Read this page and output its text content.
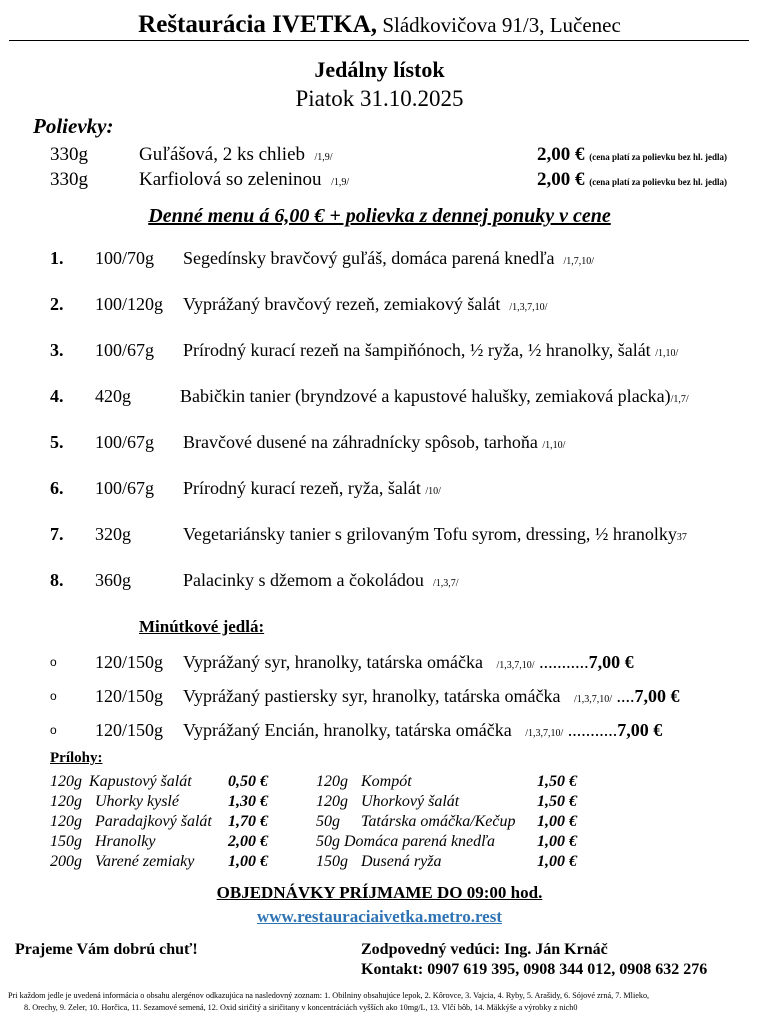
Reštaurácia IVETKA, Sládkovičova 91/3, Lučenec
Jedálny lístok
Piatok 31.10.2025
Polievky:
330g	Guľášová, 2 ks chlieb /1,9/	2,00 € (cena platí za polievku bez hl. jedla)
330g	Karfiolová so zeleninou /1,9/	2,00 € (cena platí za polievku bez hl. jedla)
Denné menu á 6,00 € + polievka z dennej ponuky v cene
1. 100/70g Segedínsky bravčový guľáš, domáca parená knedľa /1,7,10/
2. 100/120g Vyprážaný bravčový rezeň, zemiakový šalát /1,3,7,10/
3. 100/67g Prírodný kurací rezeň na šampiňónoch, ½ ryža, ½ hranolky, šalát /1,10/
4. 420g	Babičkin tanier (bryndzové a kapustové halušky, zemiaková placka)/1,7/
5. 100/67g Bravčové dusené na záhradnícky spôsob, tarhoňa /1,10/
6. 100/67g Prírodný kurací rezeň, ryža, šalát /10/
7. 320g	Vegetariánsky tanier s grilovaným Tofu syrom, dressing, ½ hranolky37
8. 360g	Palacinky s džemom a čokoládou /1,3,7/
Minútkové jedlá:
o 120/150g Vyprážaný syr, hranolky, tatárska omáčka /1,3,7,10/ ...........7,00 €
o 120/150g Vyprážaný pastiersky syr, hranolky, tatárska omáčka /1,3,7,10/ ....7,00 €
o 120/150g Vyprážaný Encián, hranolky, tatárska omáčka /1,3,7,10/ ...........7,00 €
Prílohy:
120g Kapustový šalát 0,50 €
120g Uhorky kyslé	1,30 €
120g Paradajkový šalát 1,70 €
150g Hranolky	2,00 €
200g Varené zemiaky 1,00 €
120g Kompót	1,50 €
120g Uhorkový šalát	1,50 €
50g Tatárska omáčka/Kečup 1,00 €
50g Domáca parená knedľa	1,00 €
150g Dusená ryža	1,00 €
OBJEDNÁVKY PRÍJMAME DO 09:00 hod.
www.restauraciaivetka.metro.rest
Prajeme Vám dobrú chuť!	Zodpovedný vedúci: Ing. Ján Krnáč
Kontakt: 0907 619 395, 0908 344 012, 0908 632 276
Pri každom jedle je uvedená informácia o obsahu alergénov odkazujúca na nasledovný zoznam: 1. Obilniny obsahujúce lepok, 2. Kôrovce, 3. Vajcia, 4. Ryby, 5. Arašidy, 6. Sójové zrná, 7. Mlieko,
8. Orechy, 9. Zeler, 10. Horčica, 11. Sezamové semená, 12. Oxid siričitý a siričitany v koncentráciách vyšších ako 10mg/L, 13. Vlčí bôb, 14. Mäkkýše a výrobky z nich0
